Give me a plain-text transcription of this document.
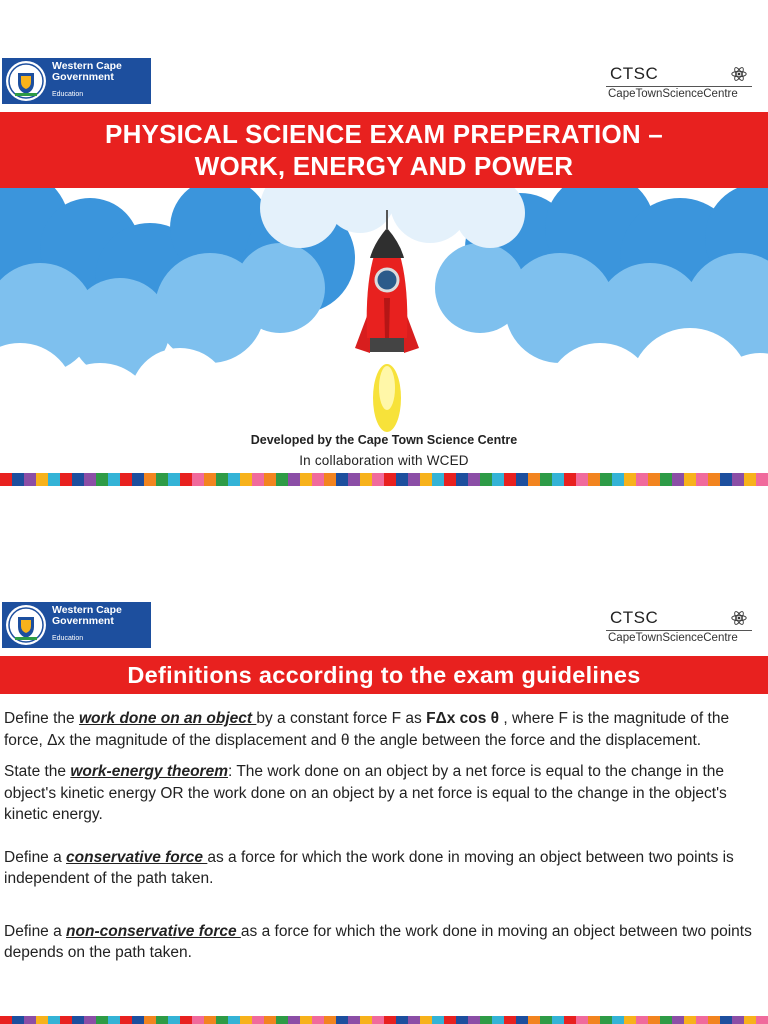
Western Cape
Government
Education
CTSC
CapeTownScienceCentre
PHYSICAL SCIENCE EXAM PREPERATION –
WORK, ENERGY AND POWER
Developed by the Cape Town Science Centre
In collaboration with WCED
Western Cape
Government
Education
CTSC
CapeTownScienceCentre
Definitions according to the exam guidelines

Define the work done on an object by a constant force F as FΔx cos θ , where F is the magnitude of the force, Δx the magnitude of the displacement and θ the angle between the force and the displacement.

State the work-energy theorem: The work done on an object by a net force is equal to the change in the object's kinetic energy OR the work done on an object by a net force is equal to the change in the object's kinetic energy.

Define a conservative force as a force for which the work done in moving an object between two points is independent of the path taken.

Define a non-conservative force as a force for which the work done in moving an object between two points depends on the path taken.
